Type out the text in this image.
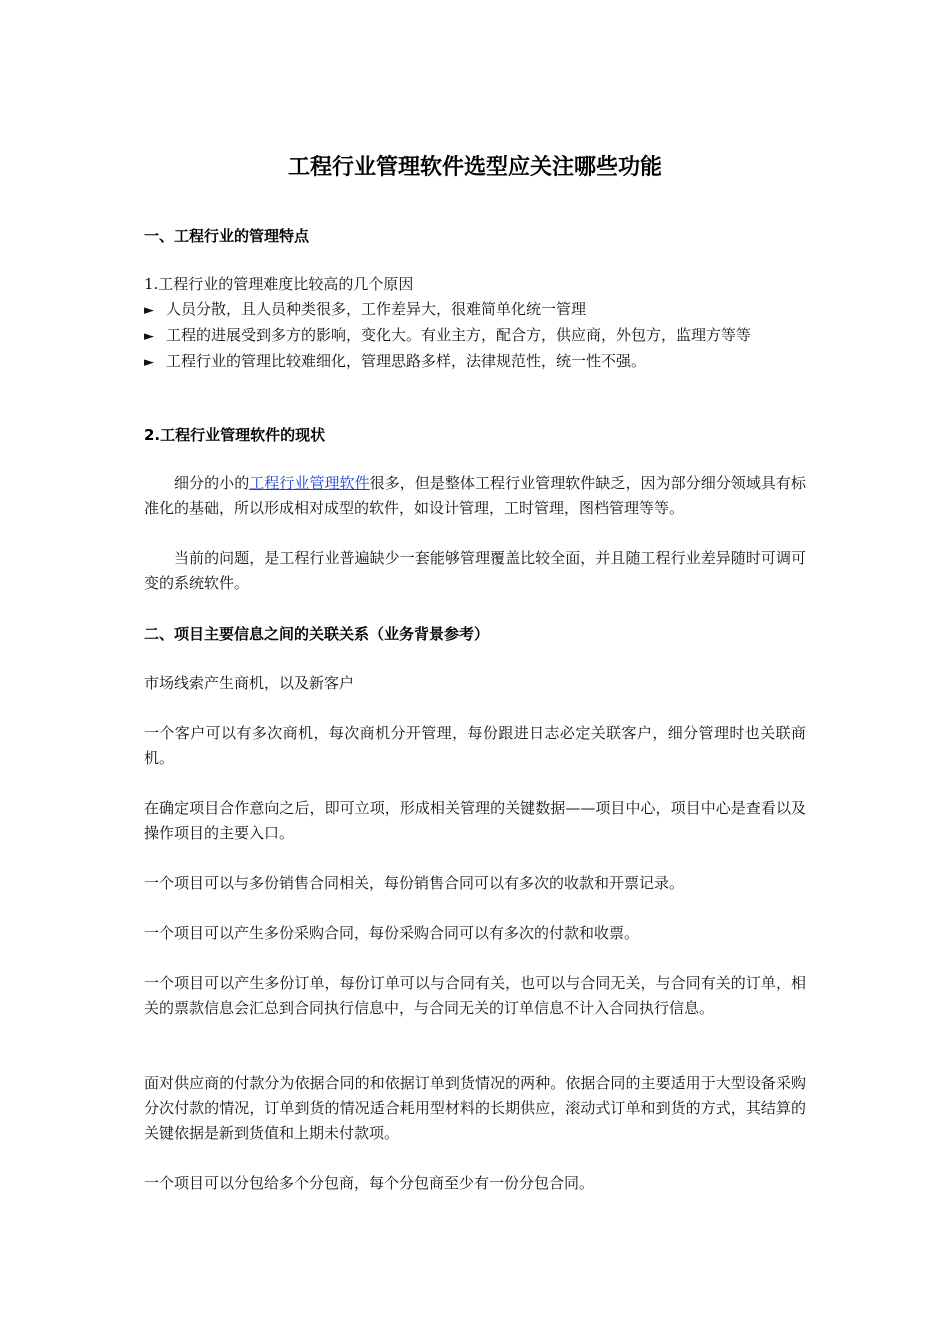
工程行业管理软件选型应关注哪些功能
一、工程行业的管理特点
1.工程行业的管理难度比较高的几个原因
► 人员分散，且人员种类很多，工作差异大，很难简单化统一管理
► 工程的进展受到多方的影响，变化大。有业主方，配合方，供应商，外包方，监理方等等
► 工程行业的管理比较难细化，管理思路多样，法律规范性，统一性不强。
2.工程行业管理软件的现状

细分的小的工程行业管理软件很多，但是整体工程行业管理软件缺乏，因为部分细分领域具有标准化的基础，所以形成相对成型的软件，如设计管理，工时管理，图档管理等等。

当前的问题，是工程行业普遍缺少一套能够管理覆盖比较全面，并且随工程行业差异随时可调可变的系统软件。

二、项目主要信息之间的关联关系（业务背景参考）

市场线索产生商机，以及新客户

一个客户可以有多次商机，每次商机分开管理，每份跟进日志必定关联客户，细分管理时也关联商机。

在确定项目合作意向之后，即可立项，形成相关管理的关键数据——项目中心，项目中心是查看以及操作项目的主要入口。

一个项目可以与多份销售合同相关，每份销售合同可以有多次的收款和开票记录。

一个项目可以产生多份采购合同，每份采购合同可以有多次的付款和收票。

一个项目可以产生多份订单，每份订单可以与合同有关，也可以与合同无关，与合同有关的订单，相关的票款信息会汇总到合同执行信息中，与合同无关的订单信息不计入合同执行信息。

面对供应商的付款分为依据合同的和依据订单到货情况的两种。依据合同的主要适用于大型设备采购分次付款的情况，订单到货的情况适合耗用型材料的长期供应，滚动式订单和到货的方式，其结算的关键依据是新到货值和上期未付款项。

一个项目可以分包给多个分包商，每个分包商至少有一份分包合同。
